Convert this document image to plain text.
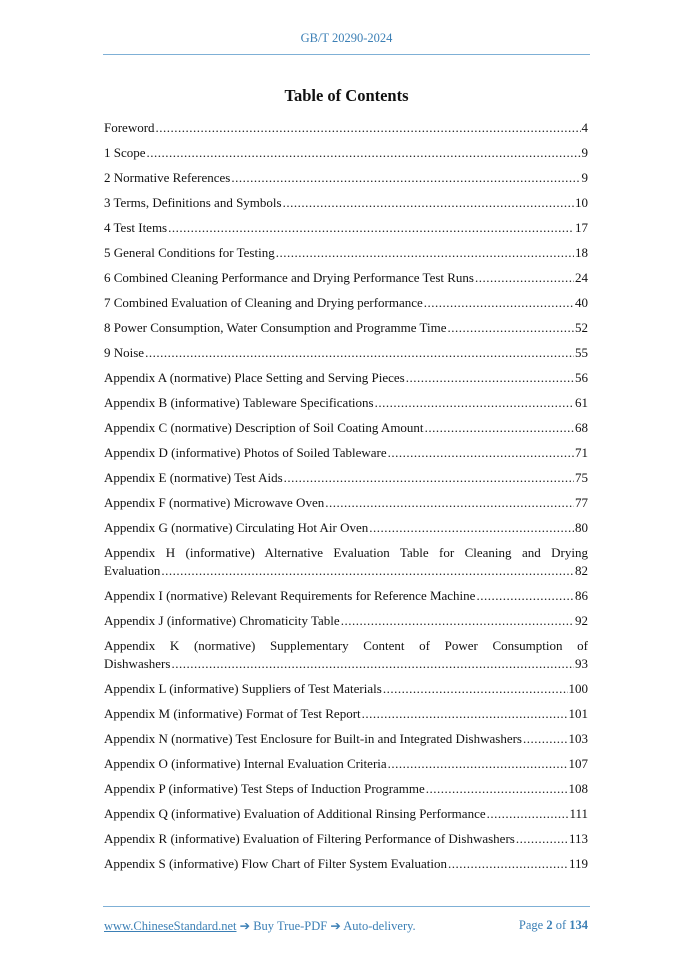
GB/T 20290-2024
Table of Contents
Foreword .....	4
1 Scope .....	9
2 Normative References .....	9
3 Terms, Definitions and Symbols .....	10
4 Test Items .....	17
5 General Conditions for Testing .....	18
6 Combined Cleaning Performance and Drying Performance Test Runs .....	24
7 Combined Evaluation of Cleaning and Drying performance .....	40
8 Power Consumption, Water Consumption and Programme Time .....	52
9 Noise .....	55
Appendix A (normative) Place Setting and Serving Pieces .....	56
Appendix B (informative) Tableware Specifications .....	61
Appendix C (normative) Description of Soil Coating Amount .....	68
Appendix D (informative) Photos of Soiled Tableware .....	71
Appendix E (normative) Test Aids .....	75
Appendix F (normative) Microwave Oven .....	77
Appendix G (normative) Circulating Hot Air Oven .....	80
Appendix H (informative) Alternative Evaluation Table for Cleaning and Drying
Evaluation .....	82
Appendix I (normative) Relevant Requirements for Reference Machine .....	86
Appendix J (informative) Chromaticity Table .....	92
Appendix K (normative) Supplementary Content of Power Consumption of
Dishwashers .....	93
Appendix L (informative) Suppliers of Test Materials .....	100
Appendix M (informative) Format of Test Report .....	101
Appendix N (normative) Test Enclosure for Built-in and Integrated Dishwashers .....	103
Appendix O (informative) Internal Evaluation Criteria .....	107
Appendix P (informative) Test Steps of Induction Programme .....	108
Appendix Q (informative) Evaluation of Additional Rinsing Performance .....	111
Appendix R (informative) Evaluation of Filtering Performance of Dishwashers .....	113
Appendix S (informative) Flow Chart of Filter System Evaluation .....	119
www.ChineseStandard.net ➔ Buy True-PDF ➔ Auto-delivery.	Page 2 of 134
